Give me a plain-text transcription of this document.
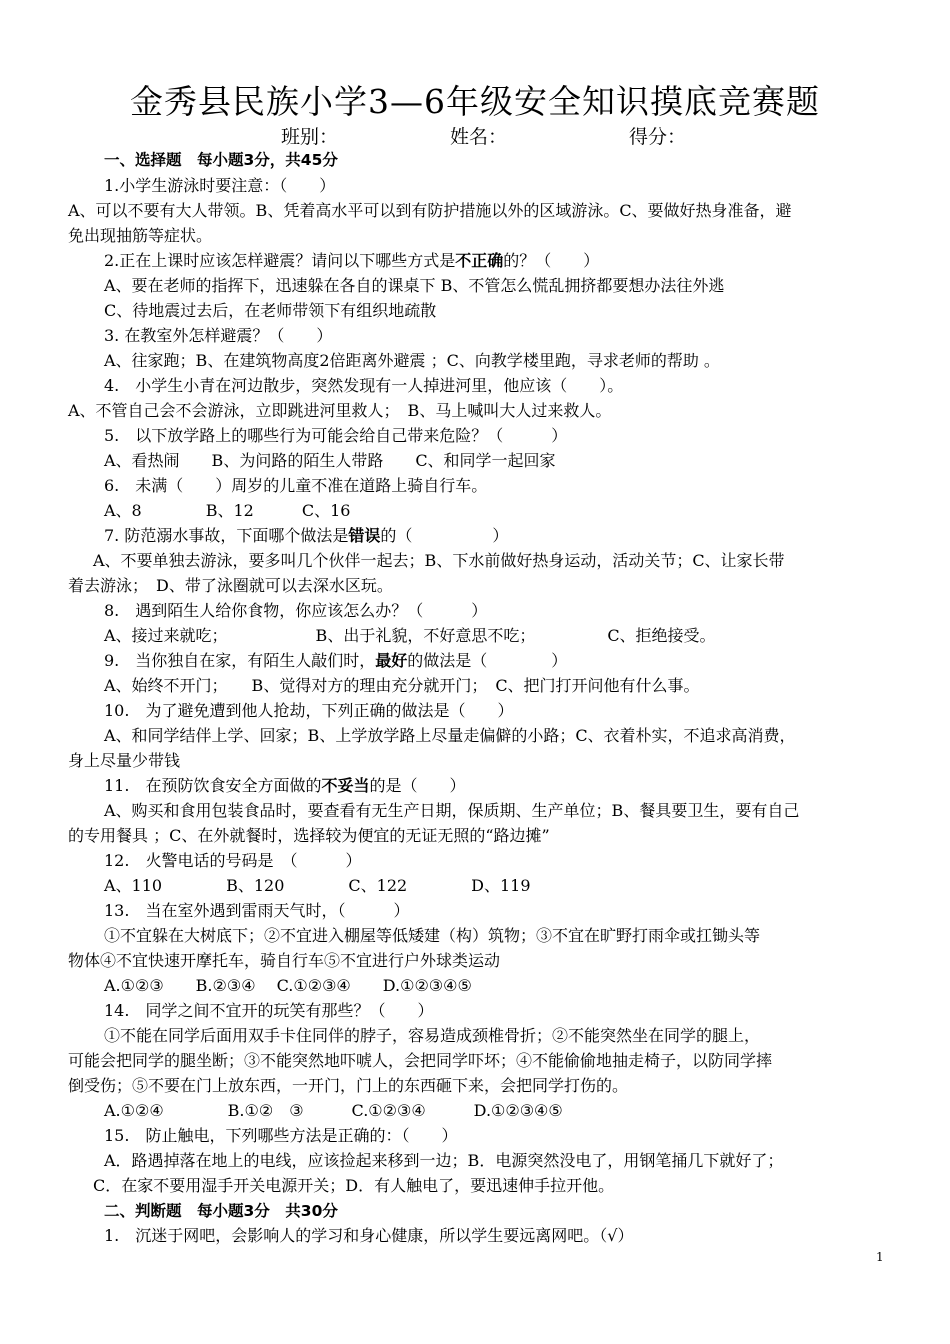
金秀县民族小学3—6年级安全知识摸底竞赛题
班别：	姓名：	得分：
一、选择题　每小题3分，共45分
1.小学生游泳时要注意：（　　）
A、可以不要有大人带领。B、凭着高水平可以到有防护措施以外的区域游泳。C、要做好热身准备，避
免出现抽筋等症状。
2.正在上课时应该怎样避震？请问以下哪些方式是不正确的？（　　）
A、要在老师的指挥下，迅速躲在各自的课桌下 B、不管怎么慌乱拥挤都要想办法往外逃
C、待地震过去后，在老师带领下有组织地疏散
3. 在教室外怎样避震？（　　）
A、往家跑；B、在建筑物高度2倍距离外避震 ；C、向教学楼里跑，寻求老师的帮助 。
4.　小学生小青在河边散步，突然发现有一人掉进河里，他应该（　　）。
A、不管自己会不会游泳，立即跳进河里救人；　B、马上喊叫大人过来救人。
5.　以下放学路上的哪些行为可能会给自己带来危险？（　　　）
A、看热闹　　B、为问路的陌生人带路　　C、和同学一起回家
6.　未满（　　）周岁的儿童不准在道路上骑自行车。
A、8　　　　B、12　　　C、16
7. 防范溺水事故，下面哪个做法是错误的（　　　　　）
A、不要单独去游泳，要多叫几个伙伴一起去；B、下水前做好热身运动，活动关节；C、让家长带
着去游泳；　D、带了泳圈就可以去深水区玩。
8.　遇到陌生人给你食物，你应该怎么办？（　　　）
A、接过来就吃；　　　　　　B、出于礼貌，不好意思不吃；　　　　　C、拒绝接受。
9.　当你独自在家，有陌生人敲们时，最好的做法是（　　　　）
A、始终不开门；　　B、觉得对方的理由充分就开门；　C、把门打开问他有什么事。
10.　为了避免遭到他人抢劫，下列正确的做法是（　　）
A、和同学结伴上学、回家；B、上学放学路上尽量走偏僻的小路；C、衣着朴实，不追求高消费，
身上尽量少带钱
11.　在预防饮食安全方面做的不妥当的是（　　）
A、购买和食用包装食品时，要查看有无生产日期，保质期、生产单位；B、餐具要卫生，要有自己
的专用餐具 ；C、在外就餐时，选择较为便宜的无证无照的“路边摊”
12.　火警电话的号码是　（　　　）
A、110　　　　B、120　　　　C、122　　　　D、119
13.　当在室外遇到雷雨天气时，（　　　）
①不宜躲在大树底下；②不宜进入棚屋等低矮建（构）筑物；③不宜在旷野打雨伞或扛锄头等
物体④不宜快速开摩托车，骑自行车⑤不宜进行户外球类运动
A.①②③　　B.②③④　 C.①②③④　　D.①②③④⑤
14.　同学之间不宜开的玩笑有那些？（　　）
①不能在同学后面用双手卡住同伴的脖子，容易造成颈椎骨折；②不能突然坐在同学的腿上，
可能会把同学的腿坐断；③不能突然地吓唬人，会把同学吓坏；④不能偷偷地抽走椅子，以防同学摔
倒受伤；⑤不要在门上放东西，一开门，门上的东西砸下来，会把同学打伤的。
A.①②④　　　　B.①②　③　　　C.①②③④　　　D.①②③④⑤
15.　防止触电，下列哪些方法是正确的：（　　）
A．路遇掉落在地上的电线，应该捡起来移到一边；B．电源突然没电了，用钢笔捅几下就好了；
C．在家不要用湿手开关电源开关；D．有人触电了，要迅速伸手拉开他。
二、判断题　每小题3分　共30分
1.　沉迷于网吧，会影响人的学习和身心健康，所以学生要远离网吧。（√）
1
